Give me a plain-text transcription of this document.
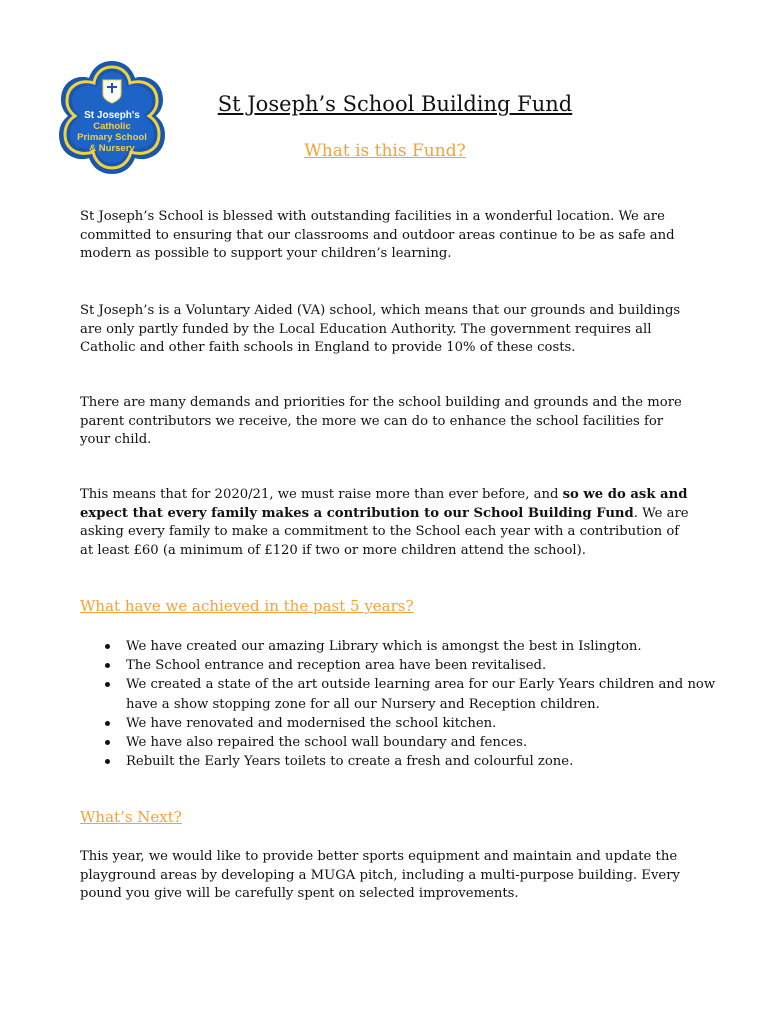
St Joseph's
Catholic
Primary School
& Nursery
St Joseph’s School Building Fund
What is this Fund?

St Joseph’s School is blessed with outstanding facilities in a wonderful location. We are committed to ensuring that our classrooms and outdoor areas continue to be as safe and modern as possible to support your children’s learning.

St Joseph’s is a Voluntary Aided (VA) school, which means that our grounds and buildings are only partly funded by the Local Education Authority. The government requires all Catholic and other faith schools in England to provide 10% of these costs.

There are many demands and priorities for the school building and grounds and the more parent contributors we receive, the more we can do to enhance the school facilities for your child.

This means that for 2020/21, we must raise more than ever before, and so we do ask and expect that every family makes a contribution to our School Building Fund. We are asking every family to make a commitment to the School each year with a contribution of at least £60 (a minimum of £120 if two or more children attend the school).

What have we achieved in the past 5 years?
We have created our amazing Library which is amongst the best in Islington.
The School entrance and reception area have been revitalised.
We created a state of the art outside learning area for our Early Years children and now have a show stopping zone for all our Nursery and Reception children.
We have renovated and modernised the school kitchen.
We have also repaired the school wall boundary and fences.
Rebuilt the Early Years toilets to create a fresh and colourful zone.
What’s Next?

This year, we would like to provide better sports equipment and maintain and update the playground areas by developing a MUGA pitch, including a multi-purpose building. Every pound you give will be carefully spent on selected improvements.
